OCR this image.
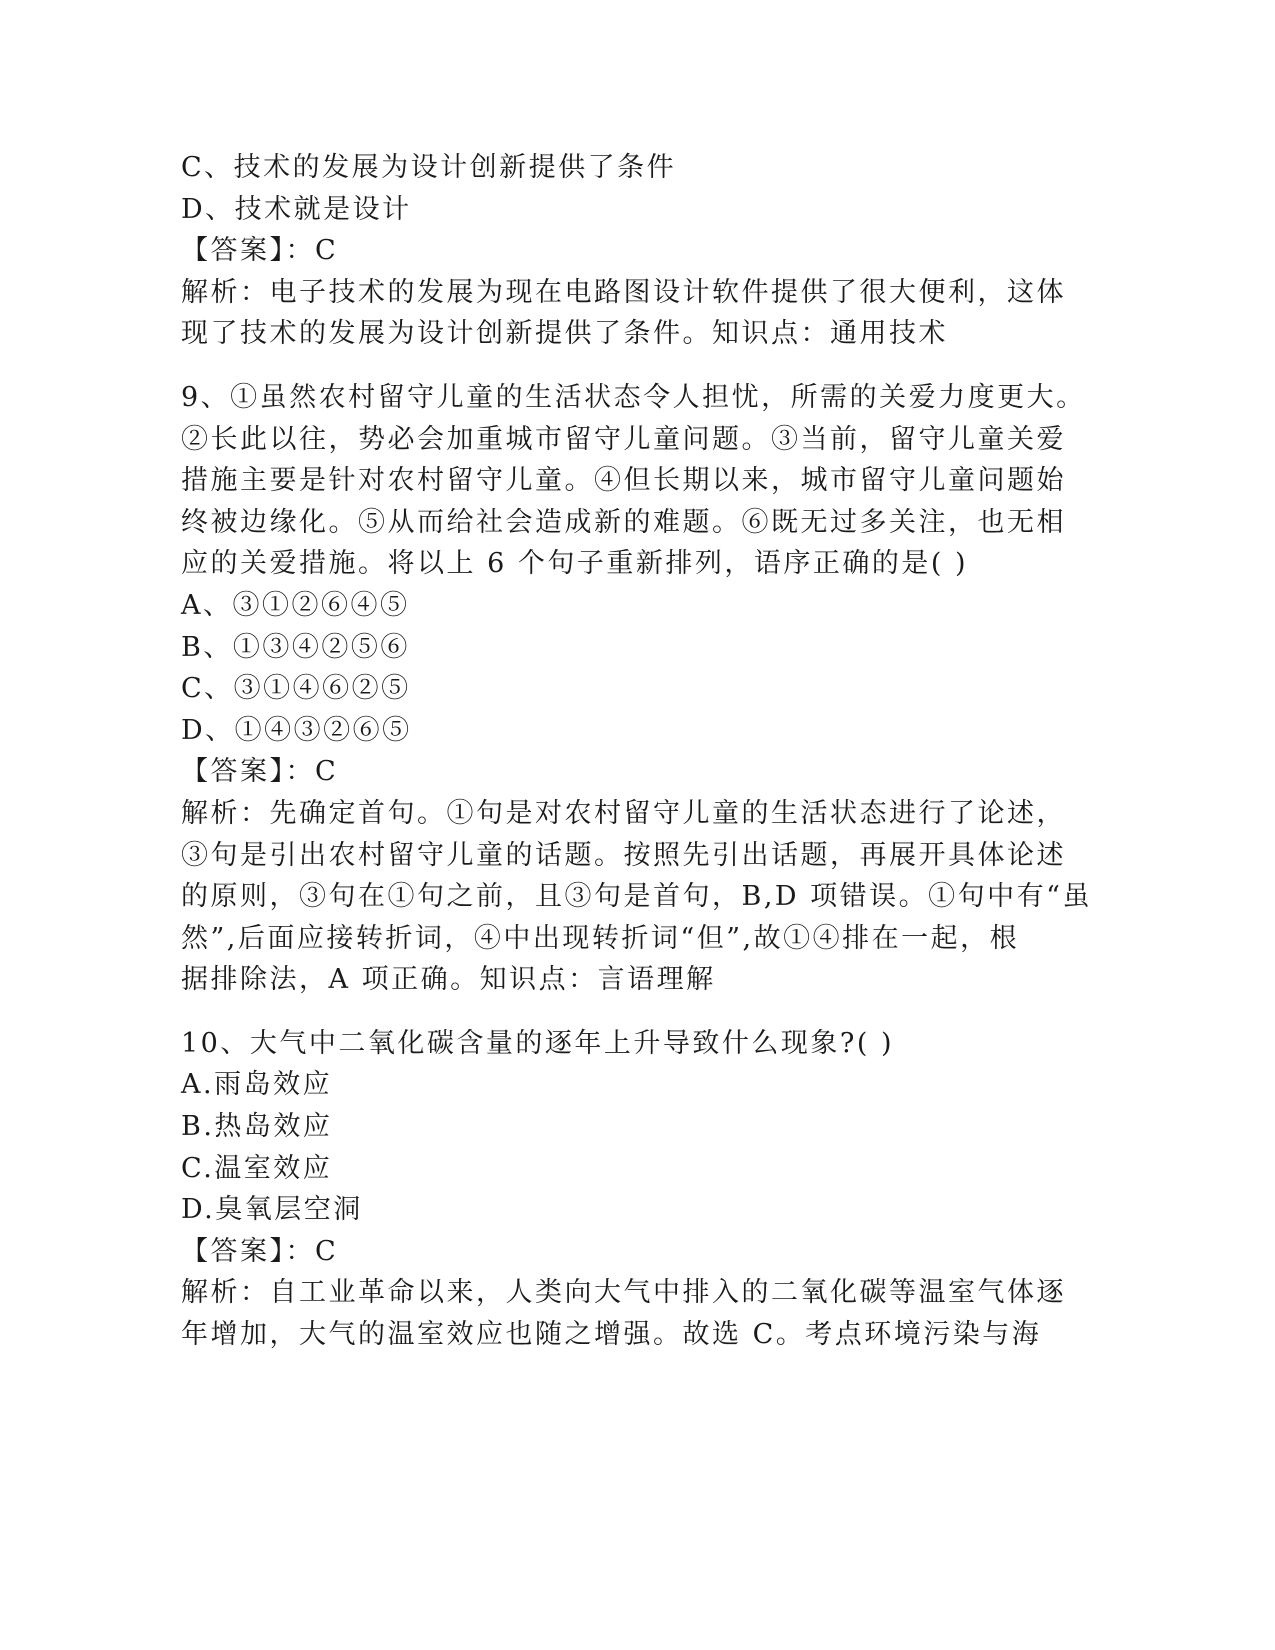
C、技术的发展为设计创新提供了条件
D、技术就是设计
【答案】：C
解析：电子技术的发展为现在电路图设计软件提供了很大便利，这体
现了技术的发展为设计创新提供了条件。知识点：通用技术
9、①虽然农村留守儿童的生活状态令人担忧，所需的关爱力度更大。
②长此以往，势必会加重城市留守儿童问题。③当前，留守儿童关爱
措施主要是针对农村留守儿童。④但长期以来，城市留守儿童问题始
终被边缘化。⑤从而给社会造成新的难题。⑥既无过多关注，也无相
应的关爱措施。将以上 6 个句子重新排列，语序正确的是( )
A、③①②⑥④⑤
B、①③④②⑤⑥
C、③①④⑥②⑤
D、①④③②⑥⑤
【答案】：C
解析：先确定首句。①句是对农村留守儿童的生活状态进行了论述，
③句是引出农村留守儿童的话题。按照先引出话题，再展开具体论述
的原则，③句在①句之前，且③句是首句，B,D 项错误。①句中有“虽
然”,后面应接转折词，④中出现转折词“但”,故①④排在一起，根
据排除法，A 项正确。知识点：言语理解
10、大气中二氧化碳含量的逐年上升导致什么现象?( )
A.雨岛效应
B.热岛效应
C.温室效应
D.臭氧层空洞
【答案】：C
解析：自工业革命以来，人类向大气中排入的二氧化碳等温室气体逐
年增加，大气的温室效应也随之增强。故选 C。考点环境污染与海
